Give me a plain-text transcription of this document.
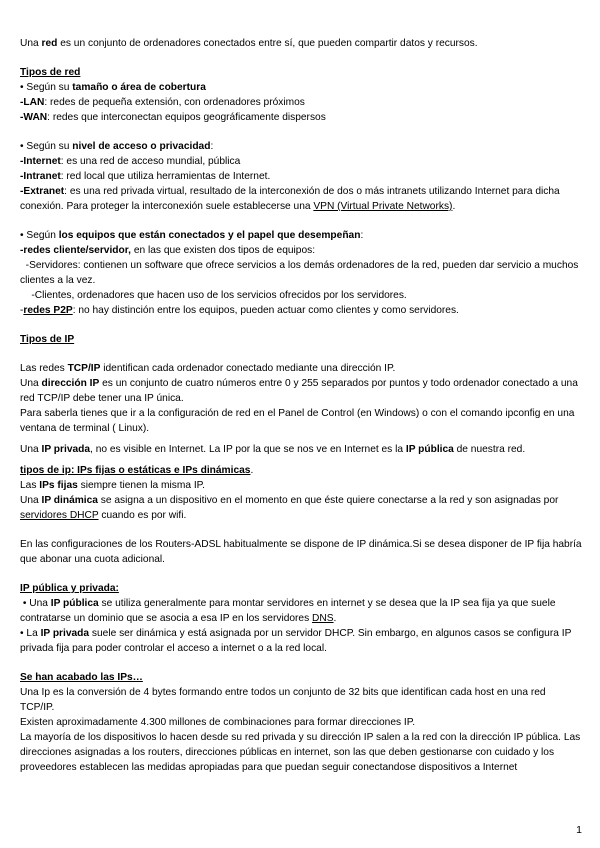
Una red es un conjunto de ordenadores conectados entre sí, que pueden compartir datos y recursos.

Tipos de red

• Según su tamaño o área de cobertura

-LAN: redes de pequeña extensión, con ordenadores próximos

-WAN: redes que interconectan equipos geográficamente dispersos

• Según su nivel de acceso o privacidad:

-Internet: es una red de acceso mundial, pública

-Intranet: red local que utiliza herramientas de Internet.

-Extranet: es una red privada virtual, resultado de la interconexión de dos o más intranets utilizando Internet para dicha conexión. Para proteger la interconexión suele establecerse una VPN (Virtual Private Networks).

• Según los equipos que están conectados y el papel que desempeñan:

-redes cliente/servidor, en las que existen dos tipos de equipos:

-Servidores: contienen un software que ofrece servicios a los demás ordenadores de la red, pueden dar servicio a muchos clientes a la vez.

-Clientes, ordenadores que hacen uso de los servicios ofrecidos por los servidores.

-redes P2P: no hay distinción entre los equipos, pueden actuar como clientes y como servidores.

Tipos de IP

Las redes TCP/IP identifican cada ordenador conectado mediante una dirección IP.

Una dirección IP es un conjunto de cuatro números entre 0 y 255 separados por puntos y todo ordenador conectado a una red TCP/IP debe tener una IP única.

Para saberla tienes que ir a la configuración de red en el Panel de Control (en Windows) o con el comando ipconfig en una ventana de terminal ( Linux).

Una IP privada, no es visible en Internet. La IP por la que se nos ve en Internet es la IP pública de nuestra red.

tipos de ip: IPs fijas o estáticas e IPs dinámicas.

Las IPs fijas siempre tienen la misma IP.

Una IP dinámica se asigna a un dispositivo en el momento en que éste quiere conectarse a la red y son asignadas por servidores DHCP cuando es por wifi.

En las configuraciones de los Routers-ADSL habitualmente se dispone de IP dinámica.Si se desea disponer de IP fija habría que abonar una cuota adicional.

IP pública y privada:

• Una IP pública se utiliza generalmente para montar servidores en internet y se desea que la IP sea fija ya que suele contratarse un dominio que se asocia a esa IP en los servidores DNS.

• La IP privada suele ser dinámica y está asignada por un servidor DHCP. Sin embargo, en algunos casos se configura IP privada fija para poder controlar el acceso a internet o a la red local.

Se han acabado las IPs…

Una Ip es la conversión de 4 bytes formando entre todos un conjunto de 32 bits que identifican cada host en una red TCP/IP.

Existen aproximadamente 4.300 millones de combinaciones para formar direcciones IP.

La mayoría de los dispositivos lo hacen desde su red privada y su dirección IP salen a la red con la dirección IP pública. Las direcciones asignadas a los routers, direcciones públicas en internet, son las que deben gestionarse con cuidado y los proveedores establecen las medidas apropiadas para que puedan seguir conectandose dispositivos a Internet

1
